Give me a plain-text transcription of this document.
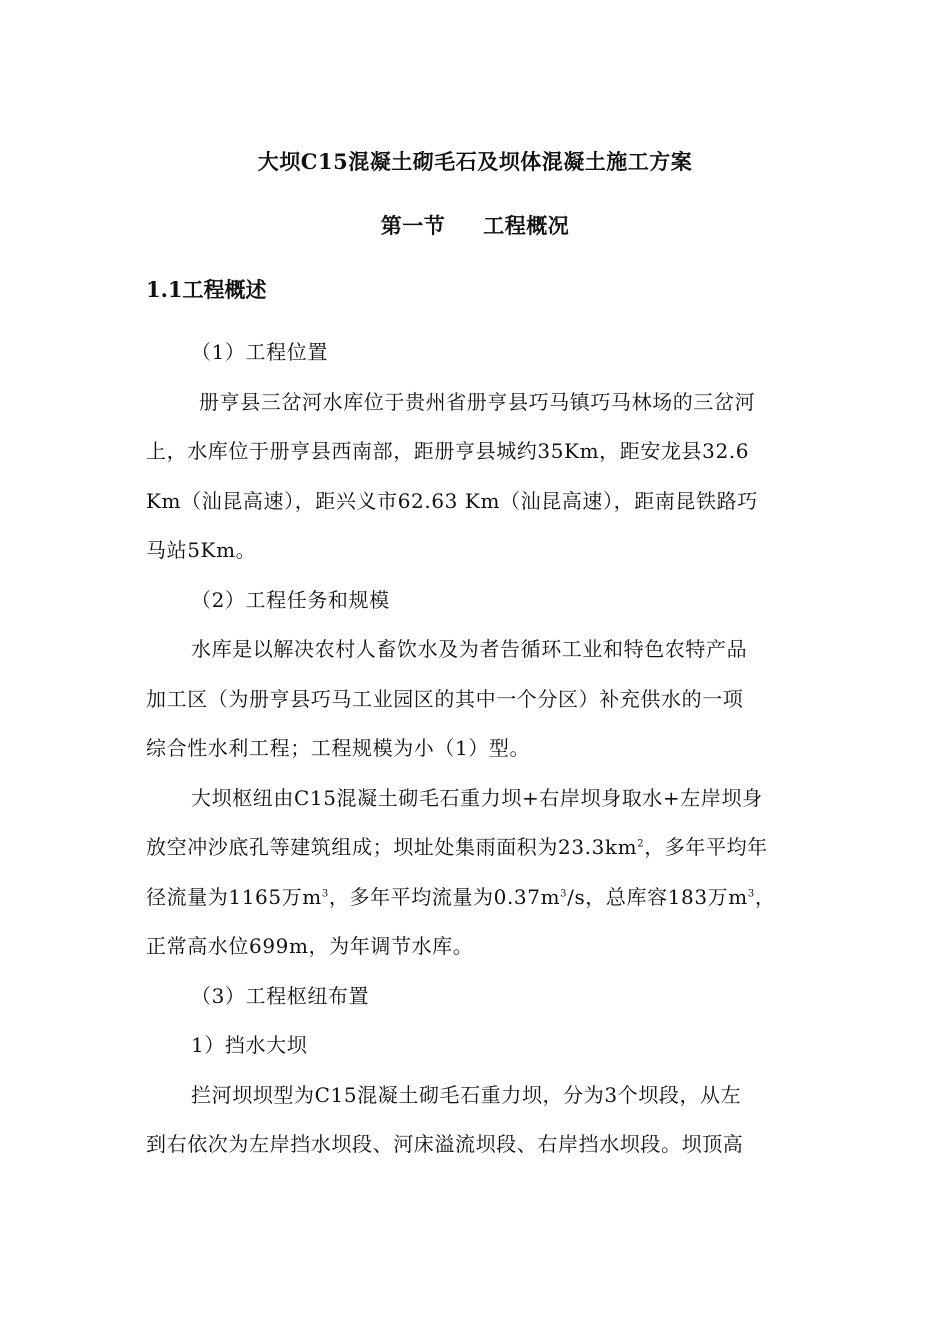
大坝C15混凝土砌毛石及坝体混凝土施工方案
第一节 工程概况
1.1工程概述
（1）工程位置
册亨县三岔河水库位于贵州省册亨县巧马镇巧马林场的三岔河
上，水库位于册亨县西南部，距册亨县城约35Km，距安龙县32.6
Km（汕昆高速），距兴义市62.63 Km（汕昆高速），距南昆铁路巧
马站5Km。
（2）工程任务和规模
水库是以解决农村人畜饮水及为者告循环工业和特色农特产品
加工区（为册亨县巧马工业园区的其中一个分区）补充供水的一项
综合性水利工程；工程规模为小（1）型。
大坝枢纽由C15混凝土砌毛石重力坝+右岸坝身取水+左岸坝身
放空冲沙底孔等建筑组成；坝址处集雨面积为$23.3km^2$，多年平均年
径流量为1165万$m^3$，多年平均流量为$0.37m^3/s$，总库容183万$m^3$，
正常高水位699m，为年调节水库。
（3）工程枢纽布置
1）挡水大坝
拦河坝坝型为C15混凝土砌毛石重力坝，分为3个坝段，从左
到右依次为左岸挡水坝段、河床溢流坝段、右岸挡水坝段。坝顶高
